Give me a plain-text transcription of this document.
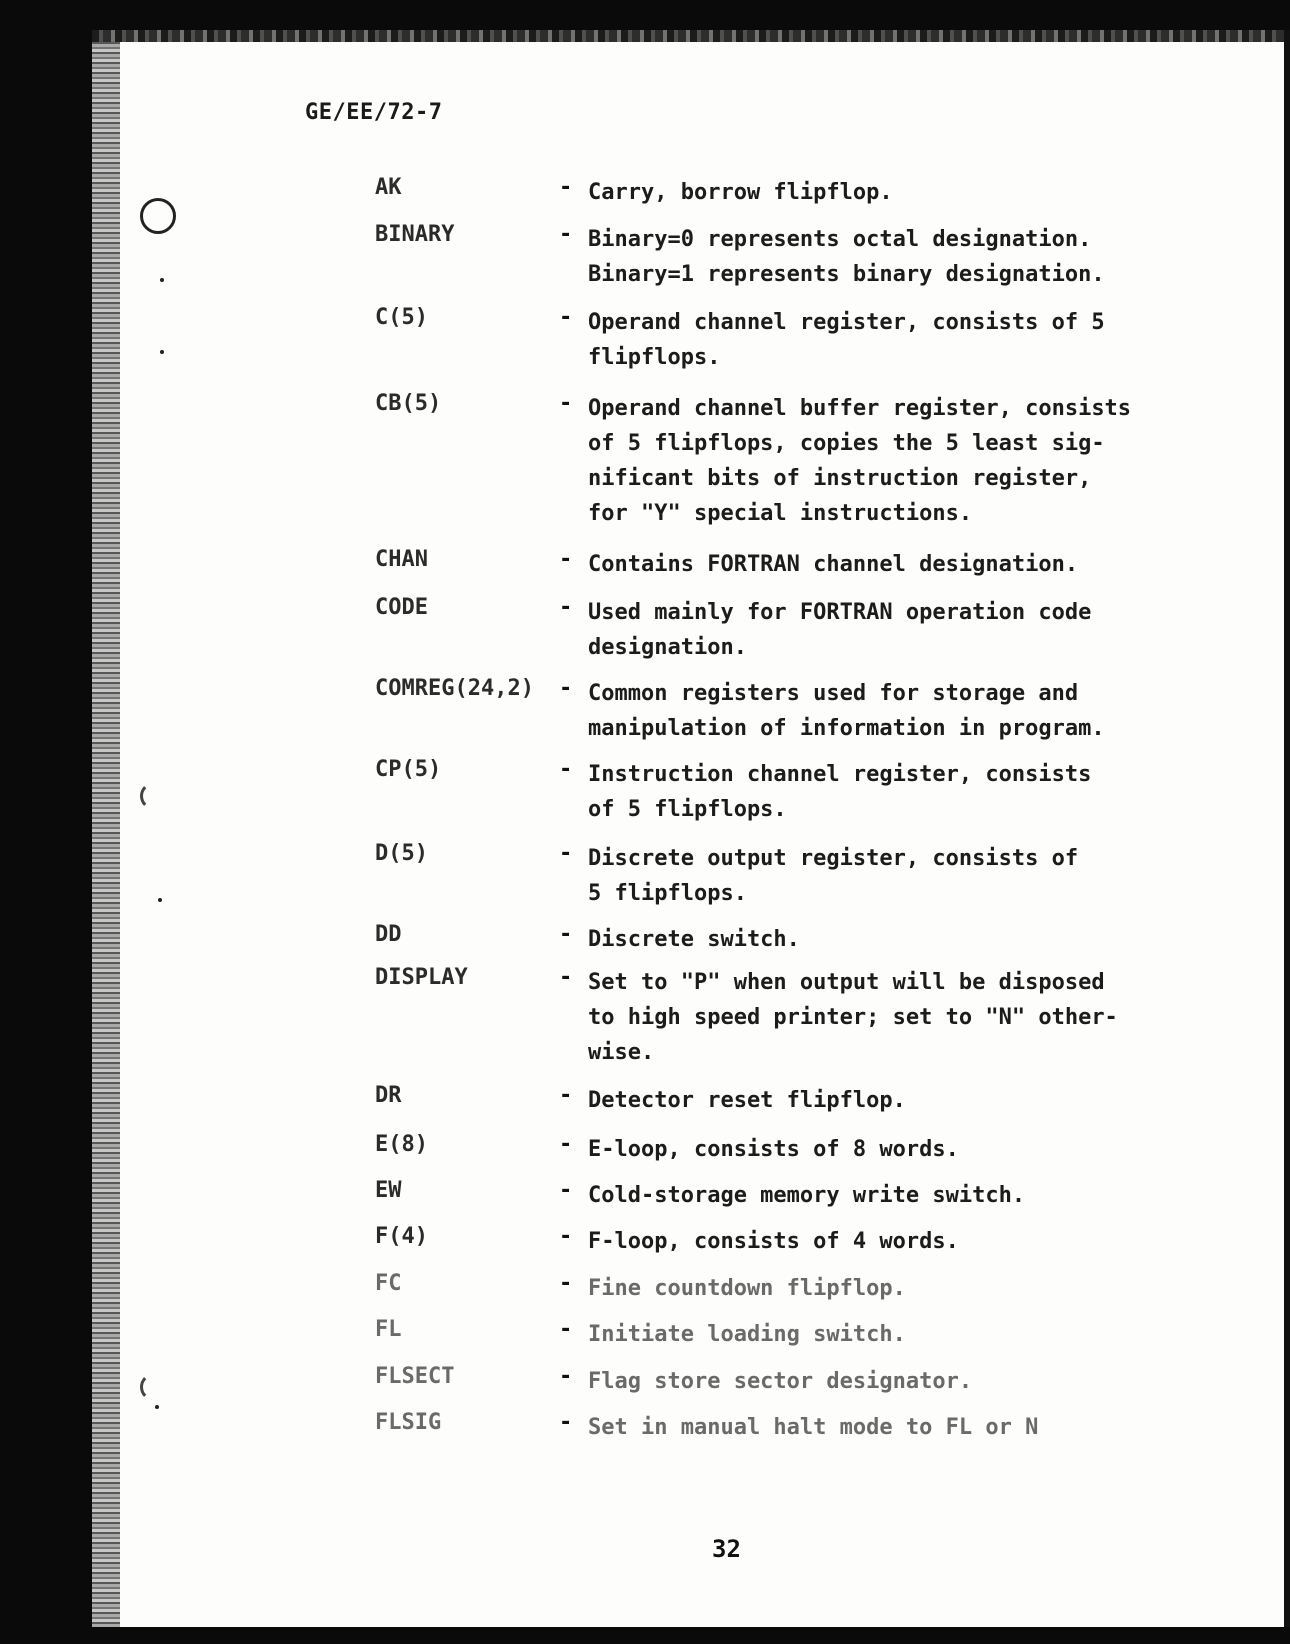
GE/EE/72-7
AK	- Carry, borrow flipflop.
BINARY	- Binary=0 represents octal designation.
Binary=1 represents binary designation.
C(5)	- Operand channel register, consists of 5
flipflops.
CB(5)	- Operand channel buffer register, consists
of 5 flipflops, copies the 5 least sig-
nificant bits of instruction register,
for "Y" special instructions.
CHAN	- Contains FORTRAN channel designation.
CODE	- Used mainly for FORTRAN operation code
designation.
COMREG(24,2)	- Common registers used for storage and
manipulation of information in program.
CP(5)	- Instruction channel register, consists
of 5 flipflops.
D(5)	- Discrete output register, consists of
5 flipflops.
DD	- Discrete switch.
DISPLAY	- Set to "P" when output will be disposed
to high speed printer; set to "N" other-
wise.
DR	- Detector reset flipflop.
E(8)	- E-loop, consists of 8 words.
EW	- Cold-storage memory write switch.
F(4)	- F-loop, consists of 4 words.
FC	- Fine countdown flipflop.
FL	- Initiate loading switch.
FLSECT	- Flag store sector designator.
FLSIG	- Set in manual halt mode to FL or N
32
